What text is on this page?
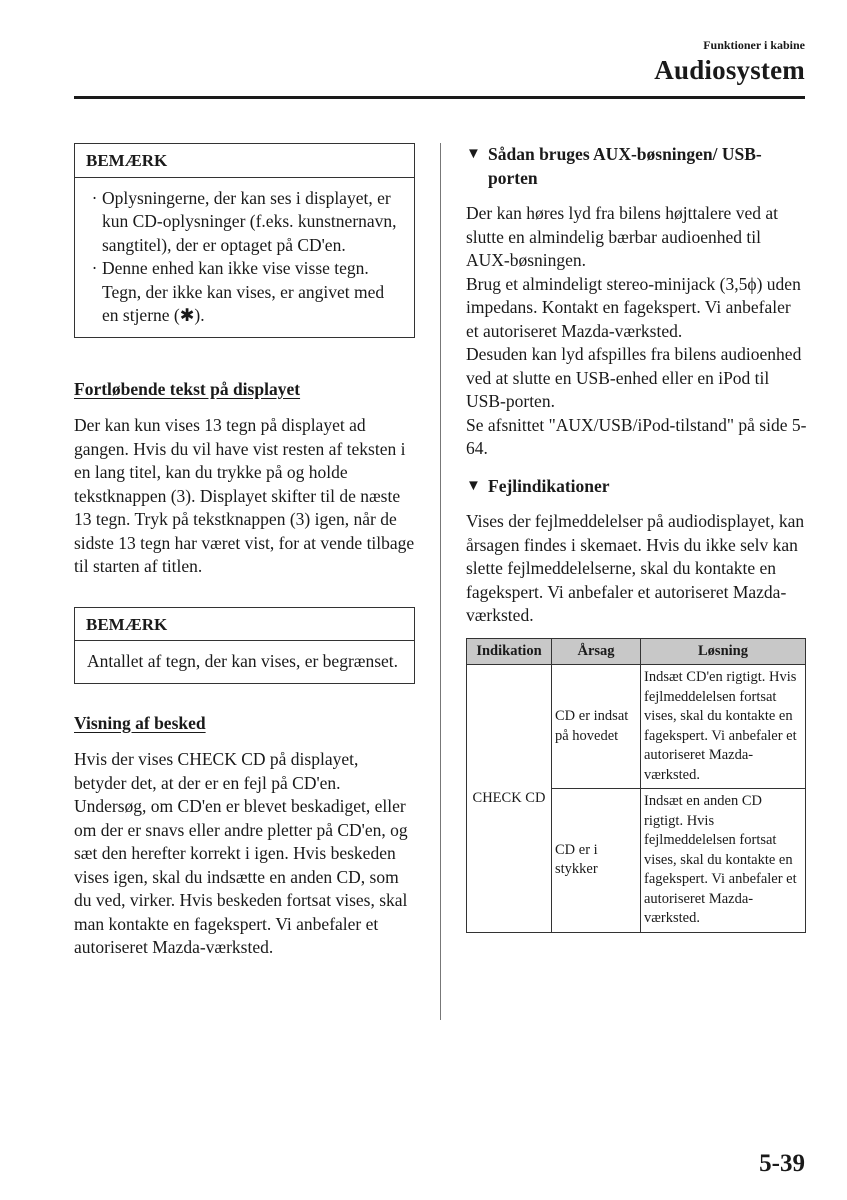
Funktioner i kabine
Audiosystem
BEMÆRK
· Oplysningerne, der kan ses i displayet, er kun CD-oplysninger (f.eks. kunstnernavn, sangtitel), der er optaget på CD'en.
· Denne enhed kan ikke vise visse tegn. Tegn, der ikke kan vises, er angivet med en stjerne (✱).
Fortløbende tekst på displayet

Der kan kun vises 13 tegn på displayet ad gangen. Hvis du vil have vist resten af teksten i en lang titel, kan du trykke på og holde tekstknappen (3). Displayet skifter til de næste 13 tegn. Tryk på tekstknappen (3) igen, når de sidste 13 tegn har været vist, for at vende tilbage til starten af titlen.

BEMÆRK
Antallet af tegn, der kan vises, er begrænset.
Visning af besked

Hvis der vises CHECK CD på displayet, betyder det, at der er en fejl på CD'en. Undersøg, om CD'en er blevet beskadiget, eller om der er snavs eller andre pletter på CD'en, og sæt den herefter korrekt i igen. Hvis beskeden vises igen, skal du indsætte en anden CD, som du ved, virker. Hvis beskeden fortsat vises, skal man kontakte en fagekspert. Vi anbefaler et autoriseret Mazda-værksted.

▼ Sådan bruges AUX-bøsningen/ USB-porten
Der kan høres lyd fra bilens højttalere ved at slutte en almindelig bærbar audioenhed til AUX-bøsningen.
Brug et almindeligt stereo-minijack (3,5ϕ) uden impedans. Kontakt en fagekspert. Vi anbefaler et autoriseret Mazda-værksted.
Desuden kan lyd afspilles fra bilens audioenhed ved at slutte en USB-enhed eller en iPod til USB-porten.
Se afsnittet "AUX/USB/iPod-tilstand" på side 5-64.
▼ Fejlindikationer

Vises der fejlmeddelelser på audiodisplayet, kan årsagen findes i skemaet. Hvis du ikke selv kan slette fejlmeddelelserne, skal du kontakte en fagekspert. Vi anbefaler et autoriseret Mazda-værksted.

Indikation	Årsag	Løsning
CHECK CD	CD er indsat på hovedet	Indsæt CD'en rigtigt. Hvis fejlmeddelelsen fortsat vises, skal du kontakte en fagekspert. Vi anbefaler et autoriseret Mazda-værksted.
	CD er i stykker	Indsæt en anden CD rigtigt. Hvis fejlmeddelelsen fortsat vises, skal du kontakte en fagekspert. Vi anbefaler et autoriseret Mazda-værksted.
5-39
